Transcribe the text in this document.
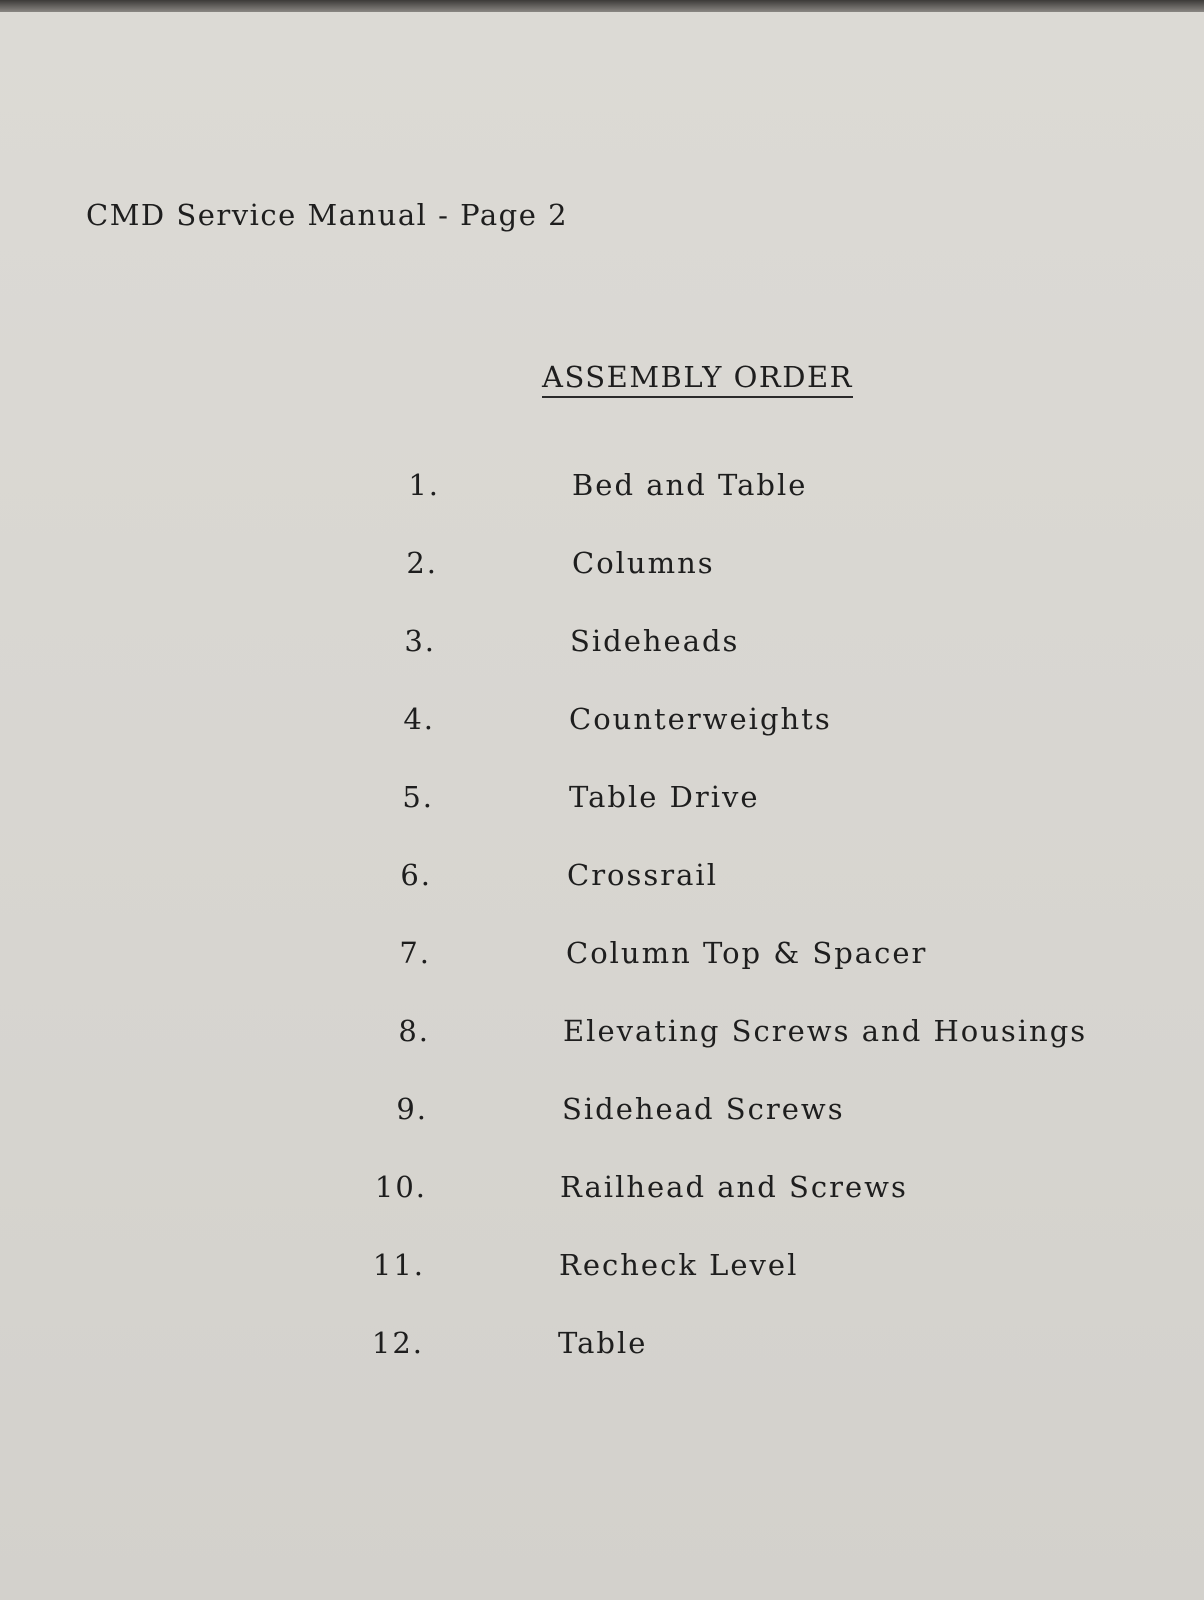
CMD Service Manual - Page 2
ASSEMBLY ORDER
1.	Bed and Table
2.	Columns
3.	Sideheads
4.	Counterweights
5.	Table Drive
6.	Crossrail
7.	Column Top & Spacer
8.	Elevating Screws and Housings
9.	Sidehead Screws
10.	Railhead and Screws
11.	Recheck Level
12.	Table
